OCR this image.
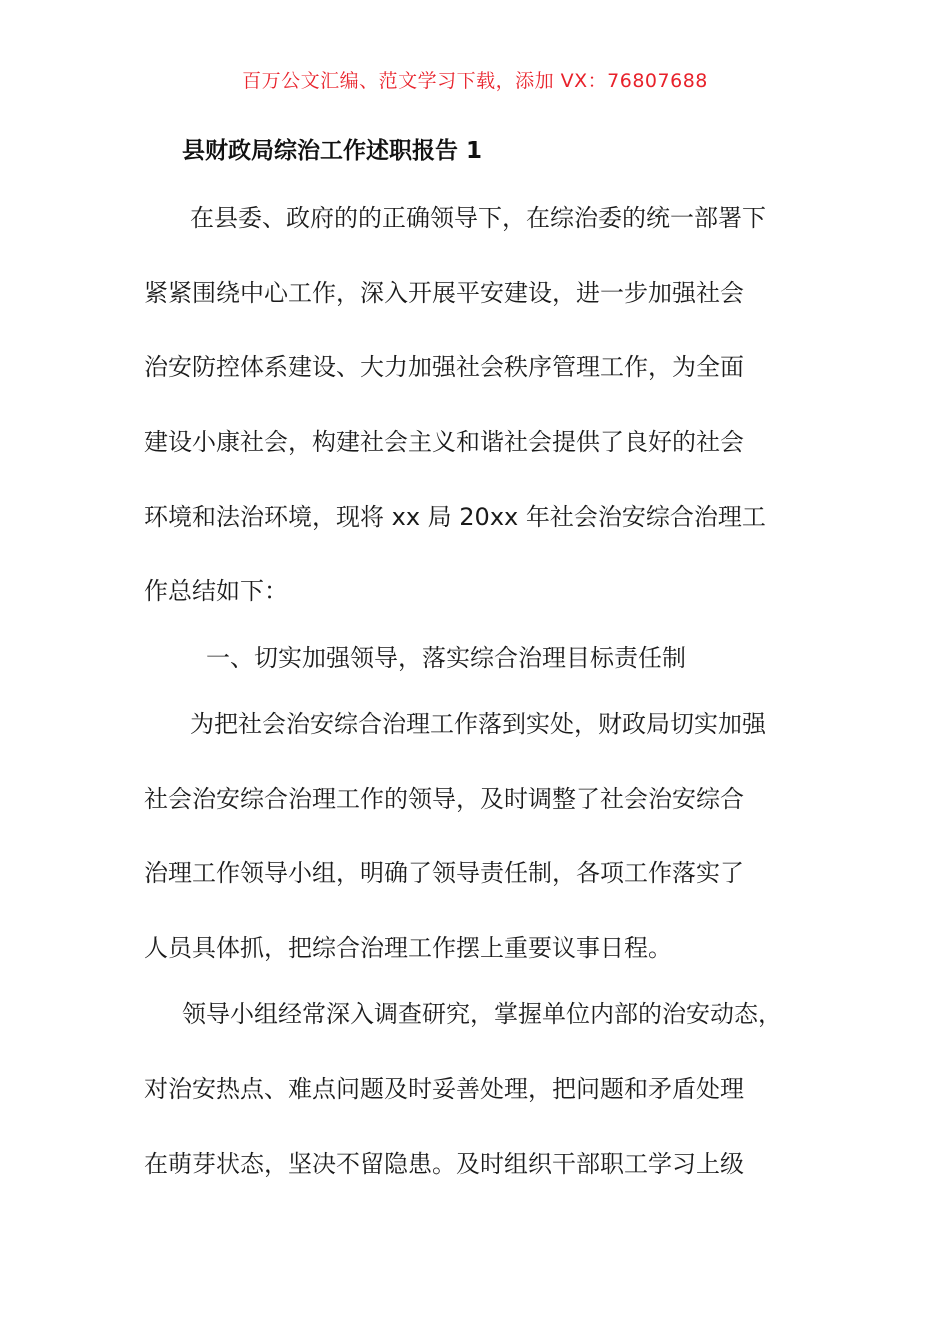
百万公文汇编、范文学习下载，添加 VX：76807688
县财政局综治工作述职报告 1
在县委、政府的的正确领导下，在综治委的统一部署下
紧紧围绕中心工作，深入开展平安建设，进一步加强社会
治安防控体系建设、大力加强社会秩序管理工作，为全面
建设小康社会，构建社会主义和谐社会提供了良好的社会
环境和法治环境，现将 xx 局 20xx 年社会治安综合治理工
作总结如下：
一、切实加强领导，落实综合治理目标责任制
为把社会治安综合治理工作落到实处，财政局切实加强
社会治安综合治理工作的领导，及时调整了社会治安综合
治理工作领导小组，明确了领导责任制，各项工作落实了
人员具体抓，把综合治理工作摆上重要议事日程。
领导小组经常深入调查研究，掌握单位内部的治安动态，
对治安热点、难点问题及时妥善处理，把问题和矛盾处理
在萌芽状态，坚决不留隐患。及时组织干部职工学习上级
